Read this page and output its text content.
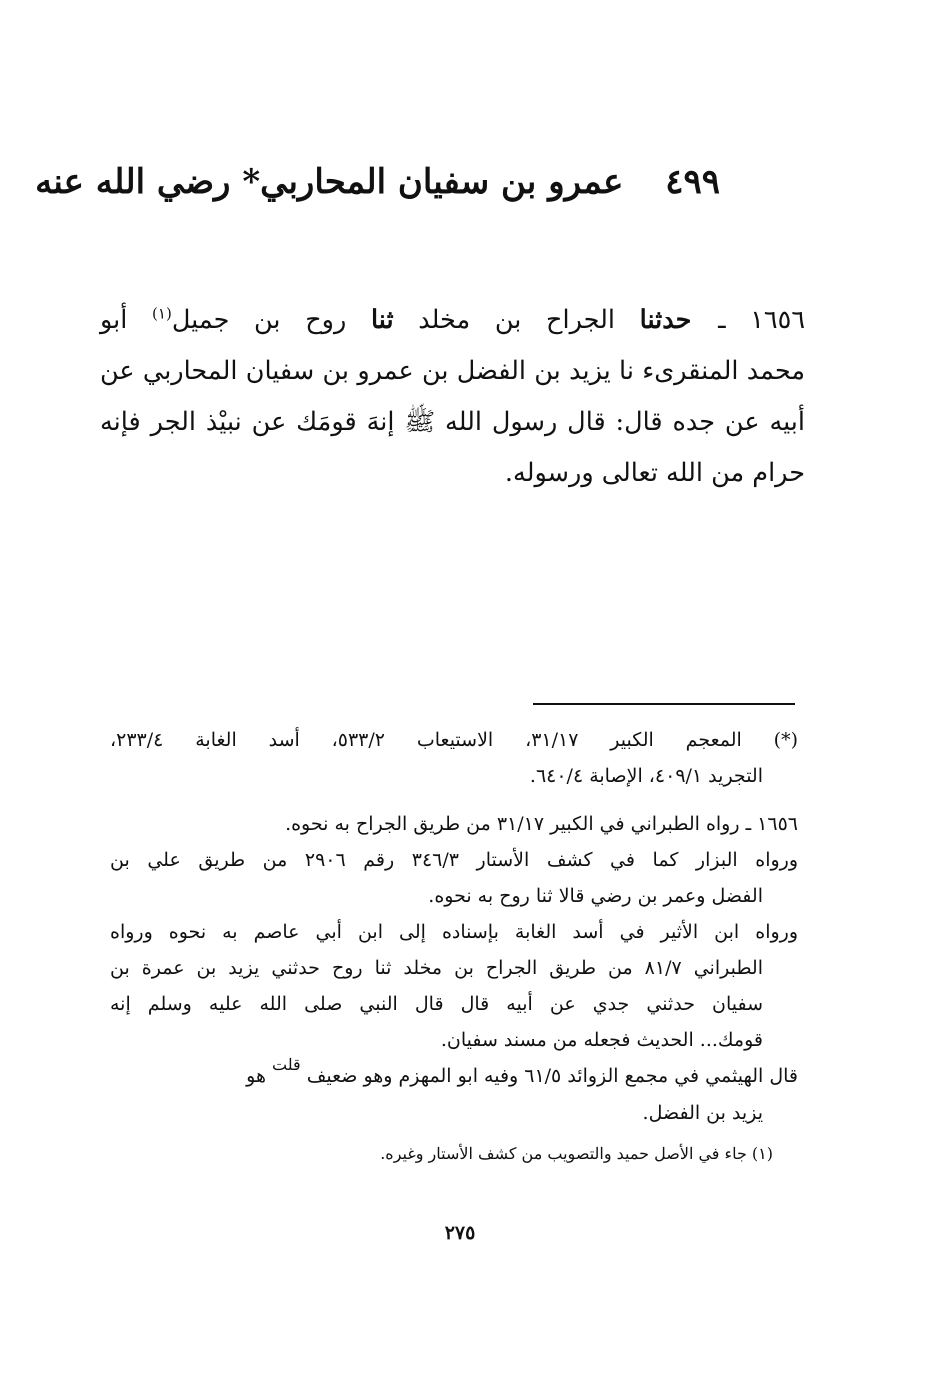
٤٩٩ عمرو بن سفيان المحاربي* رضي الله عنه
١٦٥٦ ـ حدثنا الجراح بن مخلد ثنا روح بن جميل$^{(١)}$ أبو
محمد المنقرىء نا يزيد بن الفضل بن عمرو بن سفيان المحاربي عن
أبيه عن جده قال: قال رسول الله ﷺ إنهَ قومَك عن نبيْذ الجر فإنه
حرام من الله تعالى ورسوله.
(*) المعجم الكبير ٣١/١٧، الاستيعاب ٥٣٣/٢، أسد الغابة ٢٣٣/٤،
التجريد ٤٠٩/١، الإصابة ٦٤٠/٤.
١٦٥٦ ـ رواه الطبراني في الكبير ٣١/١٧ من طريق الجراح به نحوه.
ورواه البزار كما في كشف الأستار ٣٤٦/٣ رقم ٢٩٠٦ من طريق علي بن
الفضل وعمر بن رضي قالا ثنا روح به نحوه.
ورواه ابن الأثير في أسد الغابة بإسناده إلى ابن أبي عاصم به نحوه ورواه
الطبراني ٨١/٧ من طريق الجراح بن مخلد ثنا روح حدثني يزيد بن عمرة بن
سفيان حدثني جدي عن أبيه قال قال النبي صلى الله عليه وسلم إنه
قومك... الحديث فجعله من مسند سفيان.
قال الهيثمي في مجمع الزوائد ٦١/٥ وفيه ابو المهزم وهو ضعيف $^{قلت}$ هو
يزيد بن الفضل.
(١) جاء في الأصل حميد والتصويب من كشف الأستار وغيره.
٢٧٥
